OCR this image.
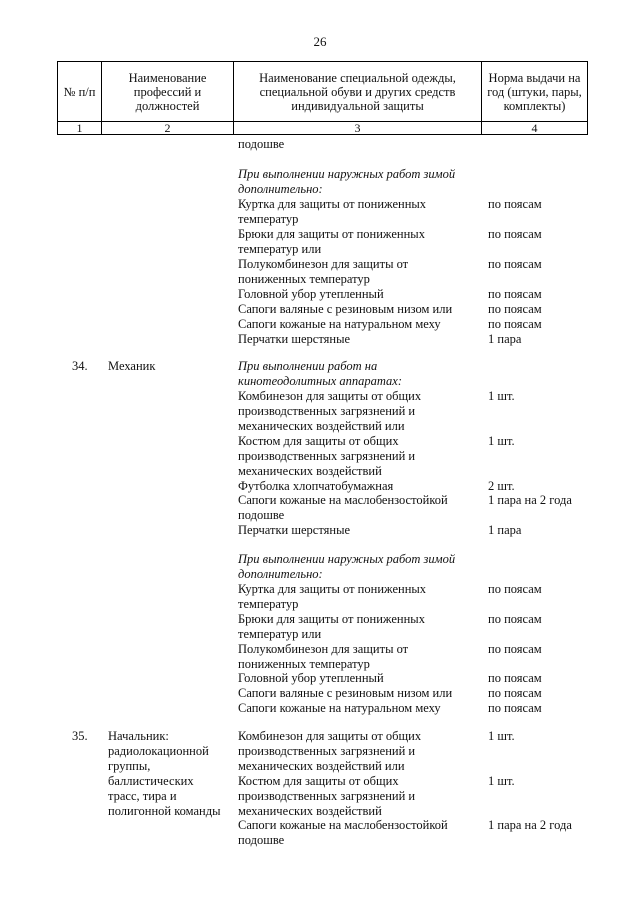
26
№ п/п	Наименование профессий и должностей	Наименование специальной одежды, специальной обуви и других средств индивидуальной защиты	Норма выдачи на год (штуки, пары, комплекты)
1	2	3	4
подошве
При выполнении наружных работ зимой
дополнительно:
Куртка для защиты от пониженных	по поясам
температур
Брюки для защиты от пониженных	по поясам
температур или
Полукомбинезон для защиты от	по поясам
пониженных температур
Головной убор утепленный	по поясам
Сапоги валяные с резиновым низом или	по поясам
Сапоги кожаные на натуральном меху	по поясам
Перчатки шерстяные	1 пара
34. Механик	При выполнении работ на
кинотеодолитных аппаратах:
Комбинезон для защиты от общих	1 шт.
производственных загрязнений и
механических воздействий или
Костюм для защиты от общих	1 шт.
производственных загрязнений и
механических воздействий
Футболка хлопчатобумажная	2 шт.
Сапоги кожаные на маслобензостойкой	1 пара на 2 года
подошве
Перчатки шерстяные	1 пара
При выполнении наружных работ зимой
дополнительно:
Куртка для защиты от пониженных	по поясам
температур
Брюки для защиты от пониженных	по поясам
температур или
Полукомбинезон для защиты от	по поясам
пониженных температур
Головной убор утепленный	по поясам
Сапоги валяные с резиновым низом или	по поясам
Сапоги кожаные на натуральном меху	по поясам
35. Начальник:
радиолокационной
группы,
баллистических
трасс, тира и
полигонной команды
Комбинезон для защиты от общих	1 шт.
производственных загрязнений и
механических воздействий или
Костюм для защиты от общих	1 шт.
производственных загрязнений и
механических воздействий
Сапоги кожаные на маслобензостойкой	1 пара на 2 года
подошве
